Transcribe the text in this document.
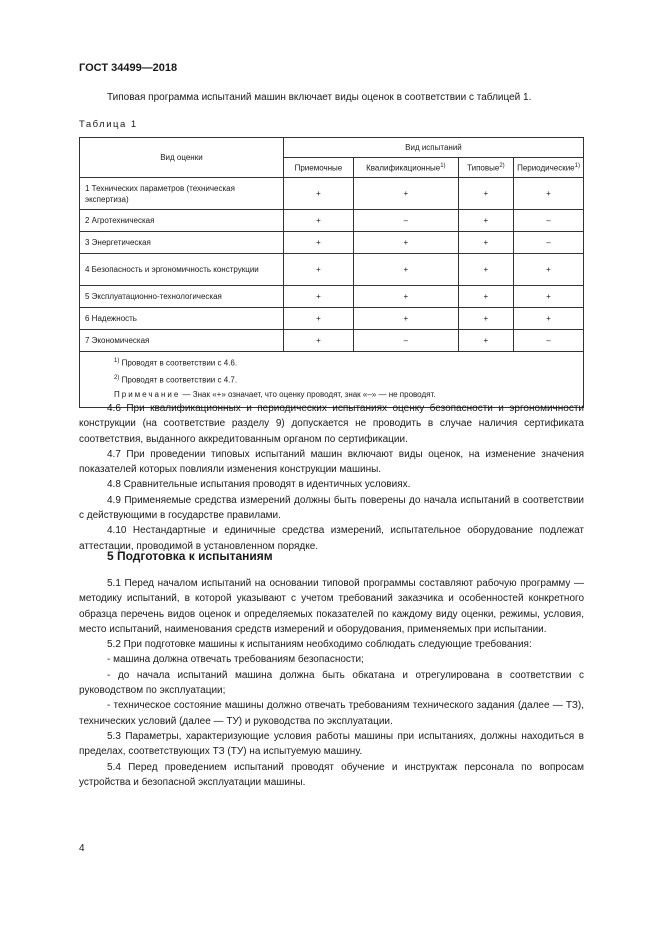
ГОСТ 34499—2018
Типовая программа испытаний машин включает виды оценок в соответствии с таблицей 1.
Таблица 1
Вид оценки	Вид испытаний			
	Приемочные	Квалификационные$^{1)}$	Типовые$^{2)}$	Периодические$^{1)}$
1 Технических параметров (техническая экспертиза)	+	+	+	+
2 Агротехническая	+	–	+	–
3 Энергетическая	+	+	+	–
4 Безопасность и эргономичность конструкции	+	+	+	+
5 Эксплуатационно-технологическая	+	+	+	+
6 Надежность	+	+	+	+
7 Экономическая	+	–	+	–

$^{1)}$ Проводят в соответствии с 4.6.
$^{2)}$ Проводят в соответствии с 4.7.
Примечание — Знак «+» означает, что оценку проводят, знак «–» — не проводят.				

4.6 При квалификационных и периодических испытаниях оценку безопасности и эргономичности конструкции (на соответствие разделу 9) допускается не проводить в случае наличия сертификата соответствия, выданного аккредитованным органом по сертификации.

4.7 При проведении типовых испытаний машин включают виды оценок, на изменение значения показателей которых повлияли изменения конструкции машины.

4.8 Сравнительные испытания проводят в идентичных условиях.

4.9 Применяемые средства измерений должны быть поверены до начала испытаний в соответствии с действующими в государстве правилами.

4.10 Нестандартные и единичные средства измерений, испытательное оборудование подлежат аттестации, проводимой в установленном порядке.

5 Подготовка к испытаниям

5.1 Перед началом испытаний на основании типовой программы составляют рабочую программу — методику испытаний, в которой указывают с учетом требований заказчика и особенностей конкретного образца перечень видов оценок и определяемых показателей по каждому виду оценки, режимы, условия, место испытаний, наименования средств измерений и оборудования, применяемых при испытании.

5.2 При подготовке машины к испытаниям необходимо соблюдать следующие требования:

- машина должна отвечать требованиям безопасности;

- до начала испытаний машина должна быть обкатана и отрегулирована в соответствии с руководством по эксплуатации;

- техническое состояние машины должно отвечать требованиям технического задания (далее — ТЗ), технических условий (далее — ТУ) и руководства по эксплуатации.

5.3 Параметры, характеризующие условия работы машины при испытаниях, должны находиться в пределах, соответствующих ТЗ (ТУ) на испытуемую машину.

5.4 Перед проведением испытаний проводят обучение и инструктаж персонала по вопросам устройства и безопасной эксплуатации машины.

4
